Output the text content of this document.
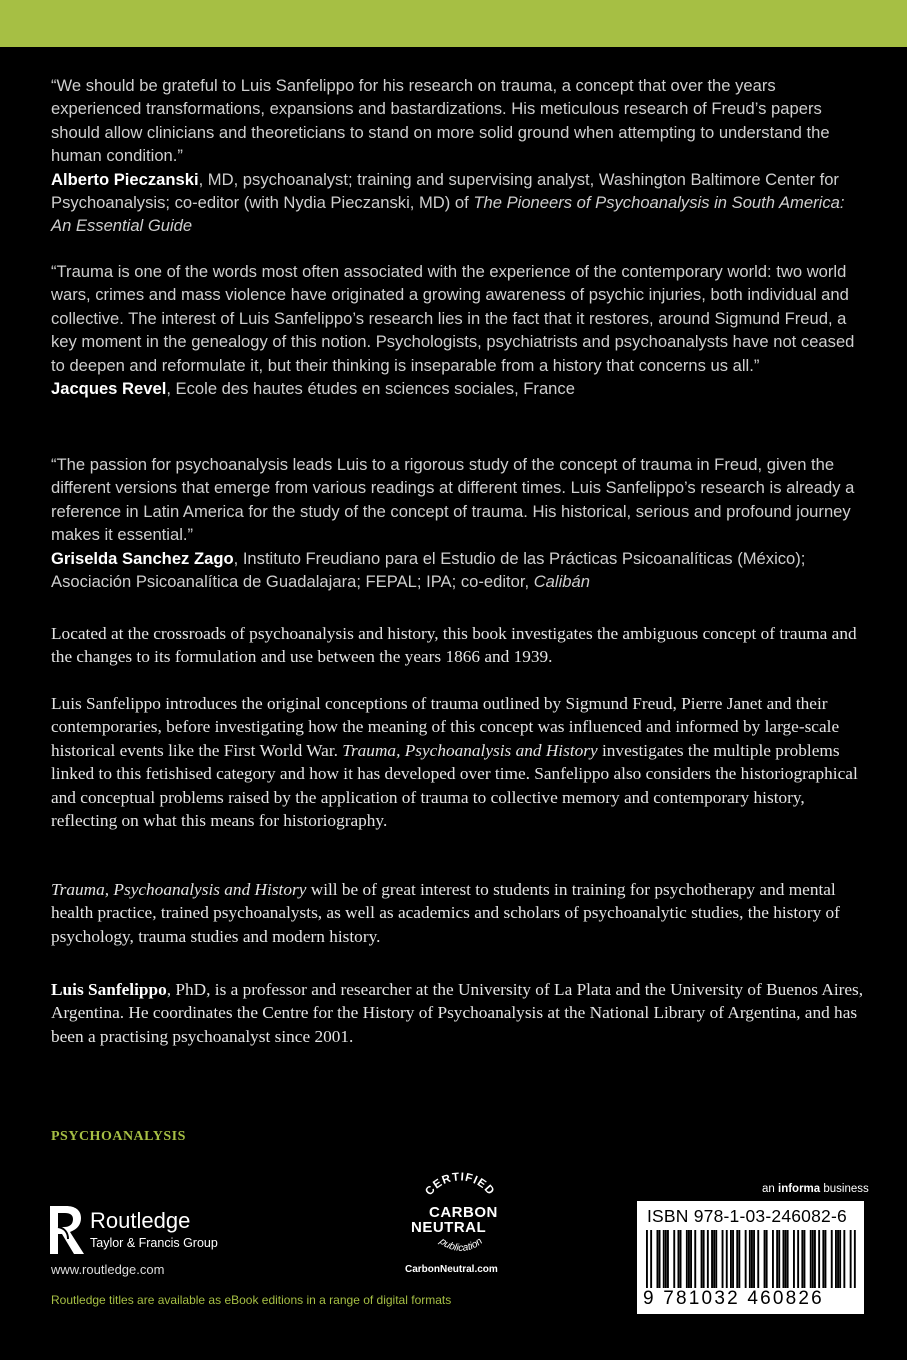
“We should be grateful to Luis Sanfelippo for his research on trauma, a concept that over the years experienced transformations, expansions and bastardizations. His meticulous research of Freud’s papers should allow clinicians and theoreticians to stand on more solid ground when attempting to understand the human condition.”

Alberto Pieczanski, MD, psychoanalyst; training and supervising analyst, Washington Baltimore Center for Psychoanalysis; co-editor (with Nydia Pieczanski, MD) of The Pioneers of Psychoanalysis in South America: An Essential Guide

“Trauma is one of the words most often associated with the experience of the contemporary world: two world wars, crimes and mass violence have originated a growing awareness of psychic injuries, both individual and collective. The interest of Luis Sanfelippo’s research lies in the fact that it restores, around Sigmund Freud, a key moment in the genealogy of this notion. Psychologists, psychiatrists and psychoanalysts have not ceased to deepen and reformulate it, but their thinking is inseparable from a history that concerns us all.”

Jacques Revel, Ecole des hautes études en sciences sociales, France

“The passion for psychoanalysis leads Luis to a rigorous study of the concept of trauma in Freud, given the different versions that emerge from various readings at different times. Luis Sanfelippo’s research is already a reference in Latin America for the study of the concept of trauma. His historical, serious and profound journey makes it essential.”

Griselda Sanchez Zago, Instituto Freudiano para el Estudio de las Prácticas Psicoanalíticas (México); Asociación Psicoanalítica de Guadalajara; FEPAL; IPA; co-editor, Calibán

Located at the crossroads of psychoanalysis and history, this book investigates the ambiguous concept of trauma and the changes to its formulation and use between the years 1866 and 1939.

Luis Sanfelippo introduces the original conceptions of trauma outlined by Sigmund Freud, Pierre Janet and their contemporaries, before investigating how the meaning of this concept was influenced and informed by large-scale historical events like the First World War. Trauma, Psychoanalysis and History investigates the multiple problems linked to this fetishised category and how it has developed over time. Sanfelippo also considers the historiographical and conceptual problems raised by the application of trauma to collective memory and contemporary history, reflecting on what this means for historiography.

Trauma, Psychoanalysis and History will be of great interest to students in training for psychotherapy and mental health practice, trained psychoanalysts, as well as academics and scholars of psychoanalytic studies, the history of psychology, trauma studies and modern history.

Luis Sanfelippo, PhD, is a professor and researcher at the University of La Plata and the University of Buenos Aires, Argentina. He coordinates the Centre for the History of Psychoanalysis at the National Library of Argentina, and has been a practising psychoanalyst since 2001.

PSYCHOANALYSIS
Routledge
Taylor & Francis Group
www.routledge.com
Routledge titles are available as eBook editions in a range of digital formats
CERTIFIED
publication
CARBON
NEUTRAL
CarbonNeutral.com
an informa business
ISBN 978-1-03-246082-6
9 781032 460826
